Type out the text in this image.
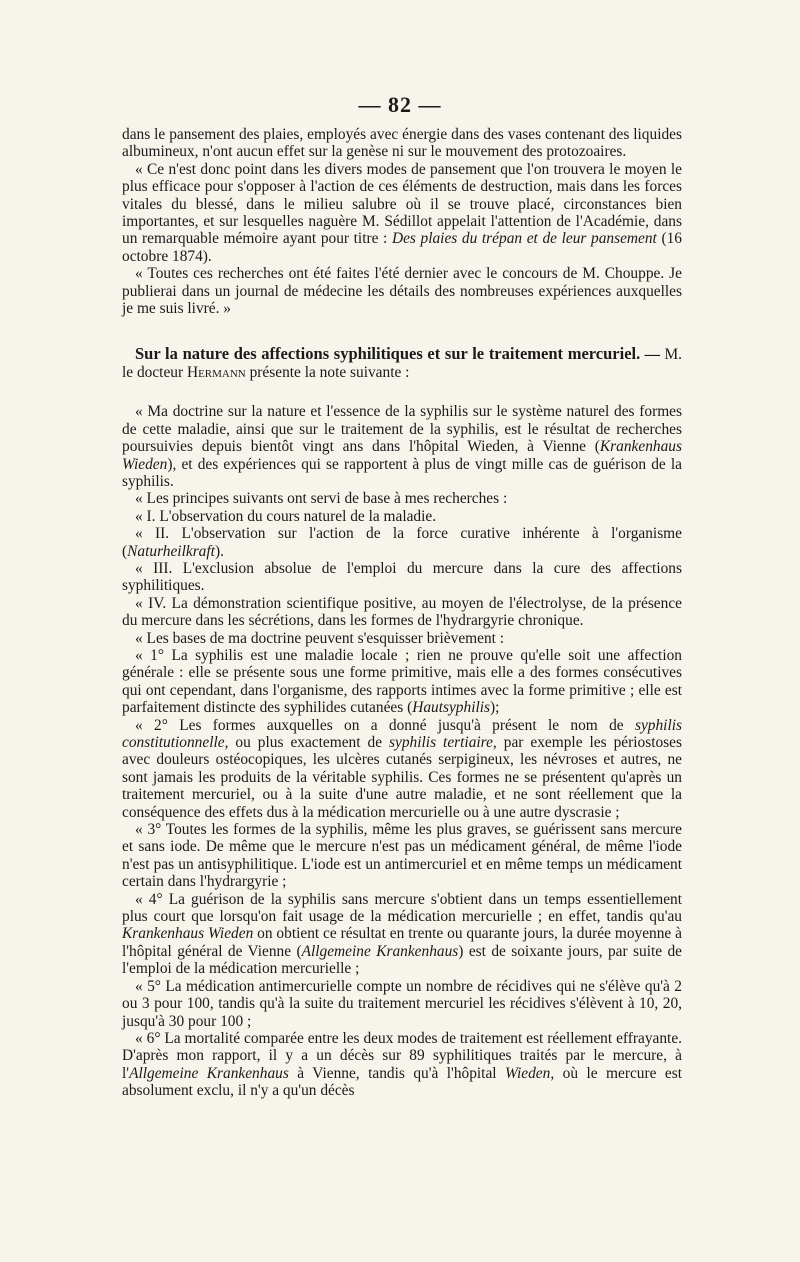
— 82 —

dans le pansement des plaies, employés avec énergie dans des vases contenant des liquides albumineux, n'ont aucun effet sur la genèse ni sur le mouvement des protozoaires.

« Ce n'est donc point dans les divers modes de pansement que l'on trouvera le moyen le plus efficace pour s'opposer à l'action de ces éléments de destruction, mais dans les forces vitales du blessé, dans le milieu salubre où il se trouve placé, circonstances bien importantes, et sur lesquelles naguère M. Sédillot appelait l'attention de l'Académie, dans un remarquable mémoire ayant pour titre : Des plaies du trépan et de leur pansement (16 octobre 1874).

« Toutes ces recherches ont été faites l'été dernier avec le concours de M. Chouppe. Je publierai dans un journal de médecine les détails des nombreuses expériences auxquelles je me suis livré. »

Sur la nature des affections syphilitiques et sur le traitement mercuriel. — M. le docteur Hermann présente la note suivante :

« Ma doctrine sur la nature et l'essence de la syphilis sur le système naturel des formes de cette maladie, ainsi que sur le traitement de la syphilis, est le résultat de recherches poursuivies depuis bientôt vingt ans dans l'hôpital Wieden, à Vienne (Krankenhaus Wieden), et des expériences qui se rapportent à plus de vingt mille cas de guérison de la syphilis.

« Les principes suivants ont servi de base à mes recherches :

« I. L'observation du cours naturel de la maladie.

« II. L'observation sur l'action de la force curative inhérente à l'organisme (Naturheilkraft).

« III. L'exclusion absolue de l'emploi du mercure dans la cure des affections syphilitiques.

« IV. La démonstration scientifique positive, au moyen de l'électrolyse, de la présence du mercure dans les sécrétions, dans les formes de l'hydrargyrie chronique.

« Les bases de ma doctrine peuvent s'esquisser brièvement :

« 1° La syphilis est une maladie locale ; rien ne prouve qu'elle soit une affection générale : elle se présente sous une forme primitive, mais elle a des formes consécutives qui ont cependant, dans l'organisme, des rapports intimes avec la forme primitive ; elle est parfaitement distincte des syphilides cutanées (Hautsyphilis);

« 2° Les formes auxquelles on a donné jusqu'à présent le nom de syphilis constitutionnelle, ou plus exactement de syphilis tertiaire, par exemple les périostoses avec douleurs ostéocopiques, les ulcères cutanés serpigineux, les névroses et autres, ne sont jamais les produits de la véritable syphilis. Ces formes ne se présentent qu'après un traitement mercuriel, ou à la suite d'une autre maladie, et ne sont réellement que la conséquence des effets dus à la médication mercurielle ou à une autre dyscrasie ;

« 3° Toutes les formes de la syphilis, même les plus graves, se guérissent sans mercure et sans iode. De même que le mercure n'est pas un médicament général, de même l'iode n'est pas un antisyphilitique. L'iode est un antimercuriel et en même temps un médicament certain dans l'hydrargyrie ;

« 4° La guérison de la syphilis sans mercure s'obtient dans un temps essentiellement plus court que lorsqu'on fait usage de la médication mercurielle ; en effet, tandis qu'au Krankenhaus Wieden on obtient ce résultat en trente ou quarante jours, la durée moyenne à l'hôpital général de Vienne (Allgemeine Krankenhaus) est de soixante jours, par suite de l'emploi de la médication mercurielle ;

« 5° La médication antimercurielle compte un nombre de récidives qui ne s'élève qu'à 2 ou 3 pour 100, tandis qu'à la suite du traitement mercuriel les récidives s'élèvent à 10, 20, jusqu'à 30 pour 100 ;

« 6° La mortalité comparée entre les deux modes de traitement est réellement effrayante. D'après mon rapport, il y a un décès sur 89 syphilitiques traités par le mercure, à l'Allgemeine Krankenhaus à Vienne, tandis qu'à l'hôpital Wieden, où le mercure est absolument exclu, il n'y a qu'un décès
